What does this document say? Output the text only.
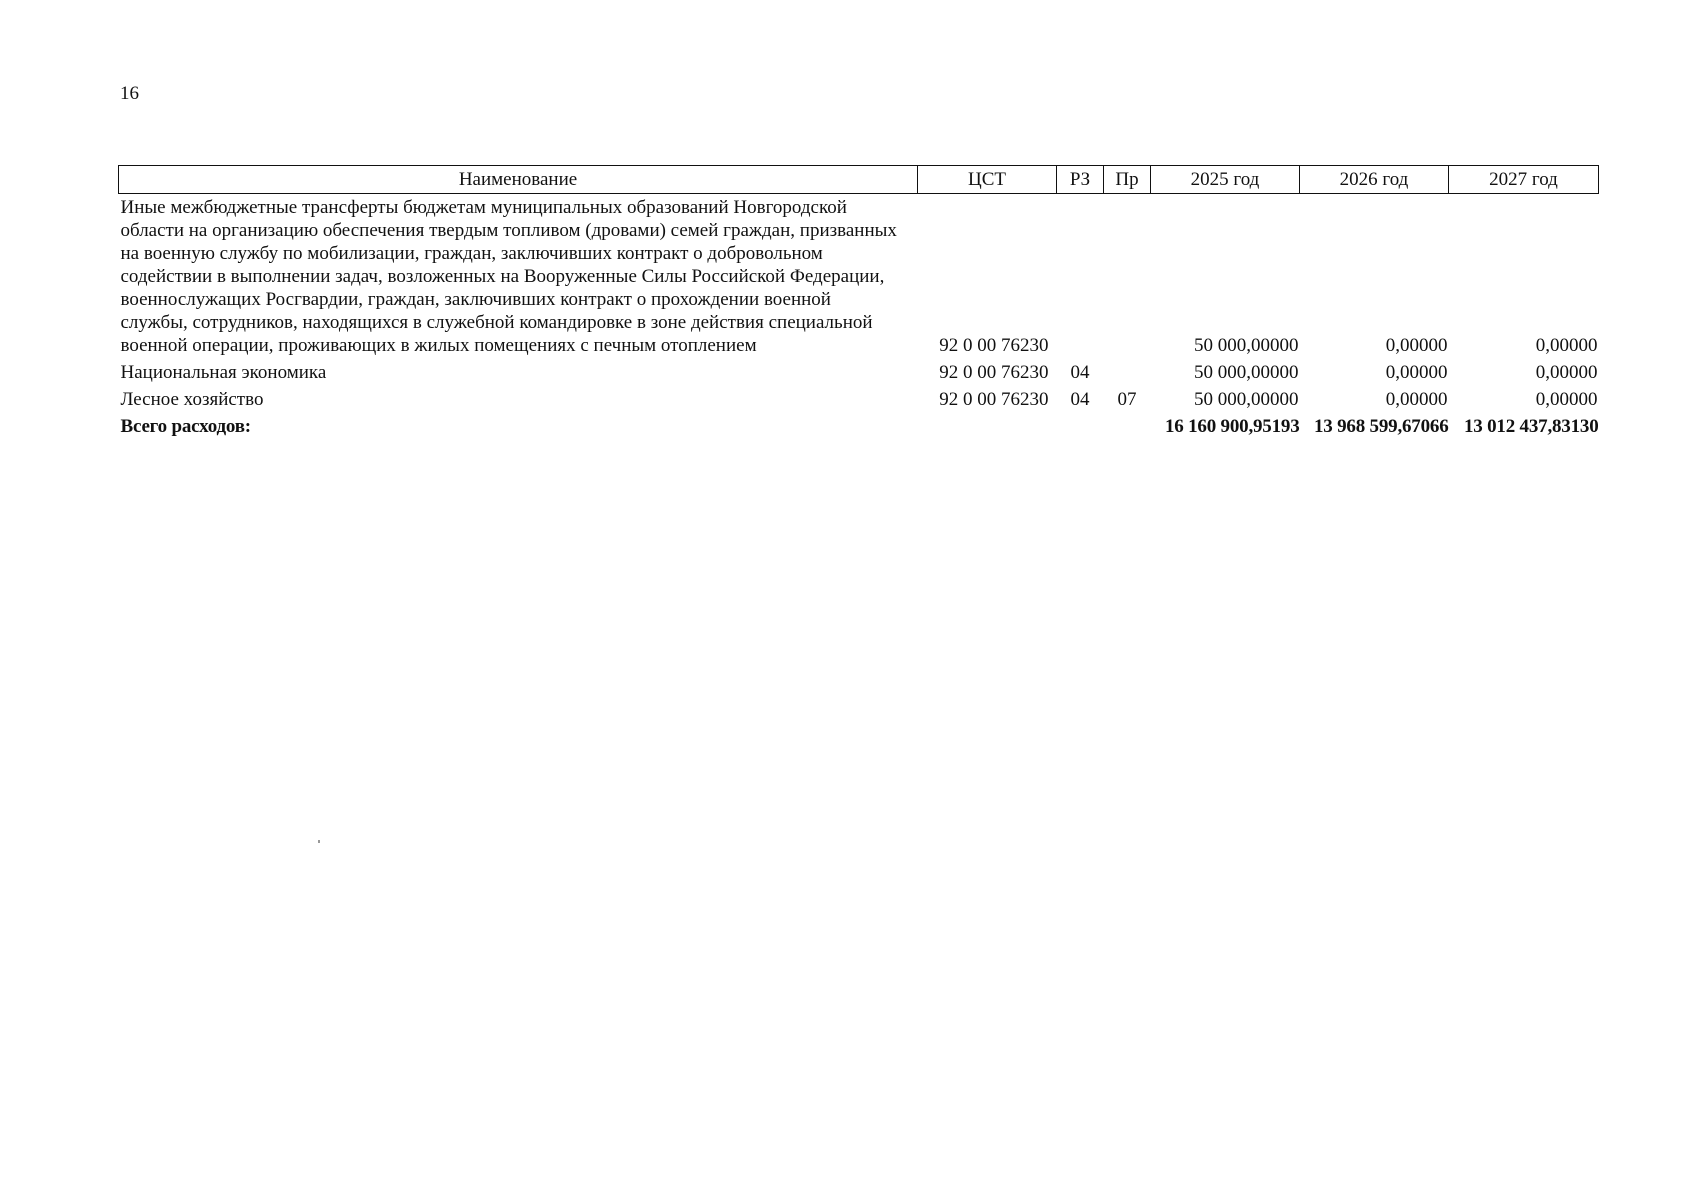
16
Наименование	ЦСТ	РЗ	Пр	2025 год	2026 год	2027 год
Иные межбюджетные трансферты бюджетам муниципальных образований Новгородской области на организацию обеспечения твердым топливом (дровами) семей граждан, призванных на военную службу по мобилизации, граждан, заключивших контракт о добровольном содействии в выполнении задач, возложенных на Вооруженные Силы Российской Федерации, военнослужащих Росгвардии, граждан, заключивших контракт о прохождении военной службы, сотрудников, находящихся в служебной командировке в зоне действия специальной военной операции, проживающих в жилых помещениях с печным отоплением	92 0 00 76230			50 000,00000	0,00000	0,00000
Национальная экономика	92 0 00 76230	04		50 000,00000	0,00000	0,00000
Лесное хозяйство	92 0 00 76230	04	07	50 000,00000	0,00000	0,00000
Всего расходов:				16 160 900,95193	13 968 599,67066	13 012 437,83130
